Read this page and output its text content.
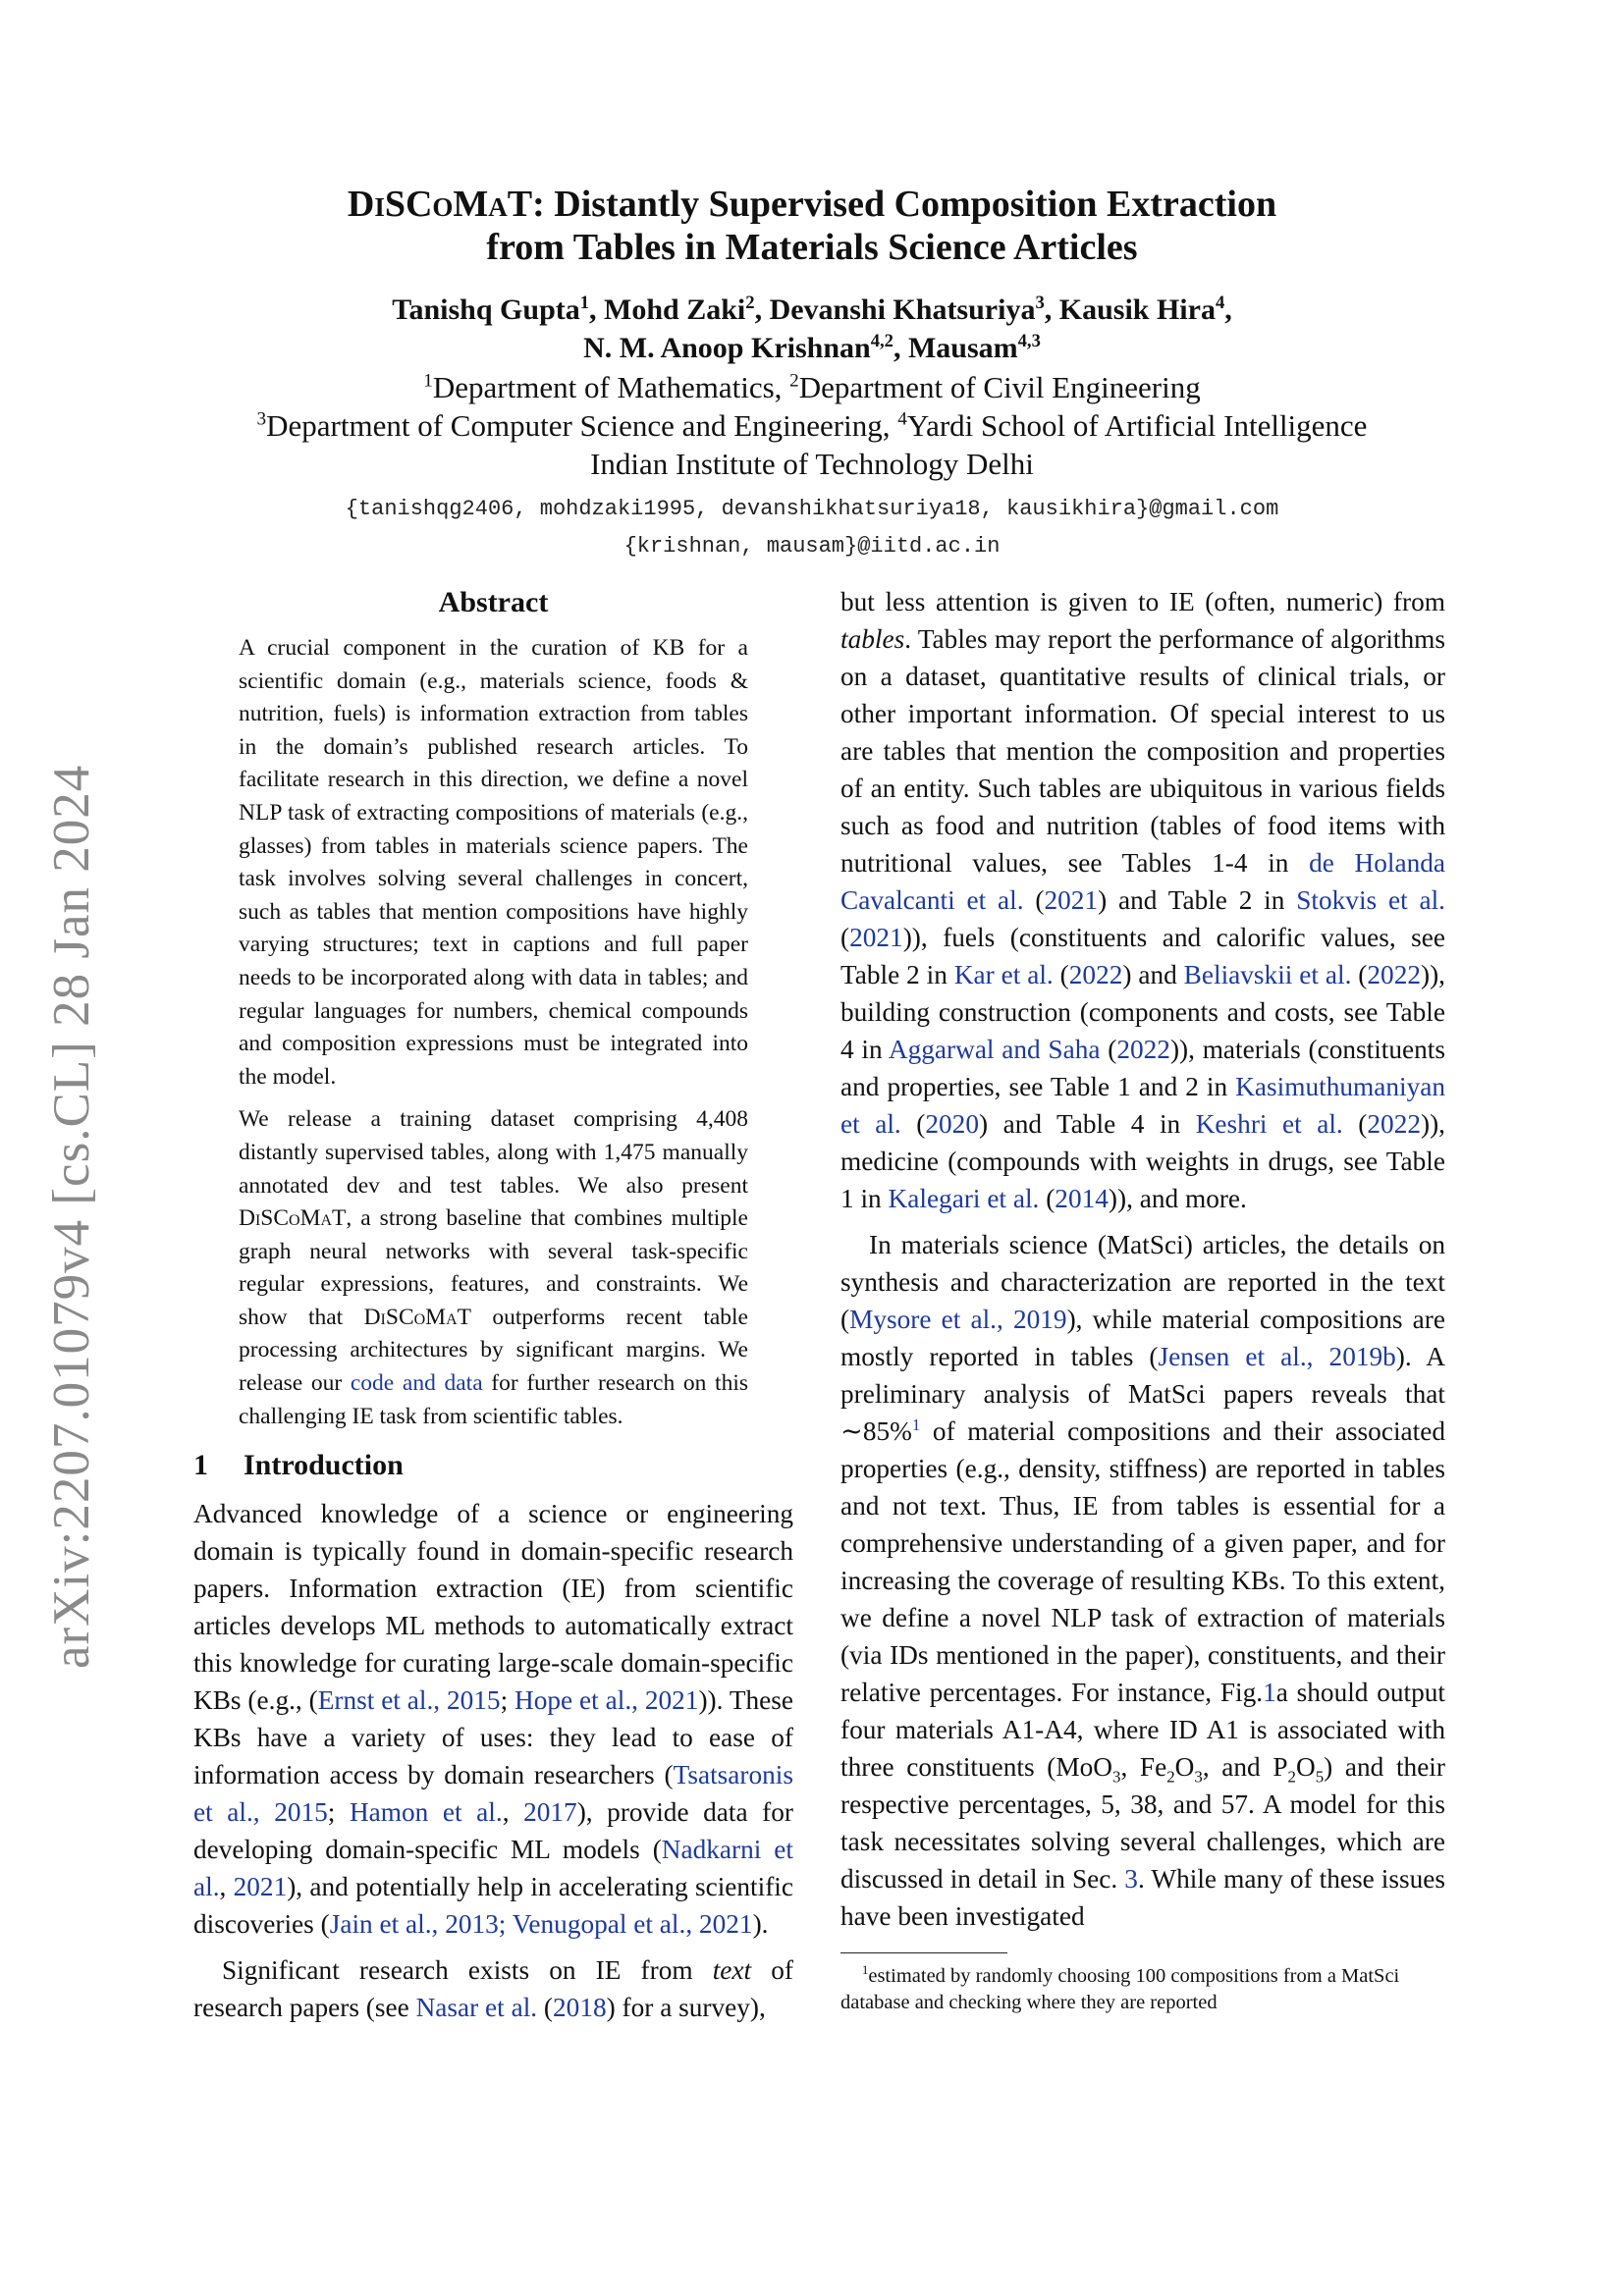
arXiv:2207.01079v4 [cs.CL] 28 Jan 2024
DiSCoMaT: Distantly Supervised Composition Extraction
from Tables in Materials Science Articles
Tanishq Gupta$^1$, Mohd Zaki$^2$, Devanshi Khatsuriya$^3$, Kausik Hira$^4$,
N. M. Anoop Krishnan$^{4,2}$, Mausam$^{4,3}$
$^1$Department of Mathematics, $^2$Department of Civil Engineering
$^3$Department of Computer Science and Engineering, $^4$Yardi School of Artificial Intelligence
Indian Institute of Technology Delhi
{tanishqg2406, mohdzaki1995, devanshikhatsuriya18, kausikhira}@gmail.com
{krishnan, mausam}@iitd.ac.in
Abstract

A crucial component in the curation of KB for a scientific domain (e.g., materials science, foods & nutrition, fuels) is information extraction from tables in the domain’s published research articles. To facilitate research in this direction, we define a novel NLP task of extracting compositions of materials (e.g., glasses) from tables in materials science papers. The task involves solving several challenges in concert, such as tables that mention compositions have highly varying structures; text in captions and full paper needs to be incorporated along with data in tables; and regular languages for numbers, chemical compounds and composition expressions must be integrated into the model.

We release a training dataset comprising 4,408 distantly supervised tables, along with 1,475 manually annotated dev and test tables. We also present DiSCoMaT, a strong baseline that combines multiple graph neural networks with several task-specific regular expressions, features, and constraints. We show that DiSCoMaT outperforms recent table processing architectures by significant margins. We release our code and data for further research on this challenging IE task from scientific tables.

1 Introduction

Advanced knowledge of a science or engineering domain is typically found in domain-specific research papers. Information extraction (IE) from scientific articles develops ML methods to automatically extract this knowledge for curating large-scale domain-specific KBs (e.g., (Ernst et al., 2015; Hope et al., 2021)). These KBs have a variety of uses: they lead to ease of information access by domain researchers (Tsatsaronis et al., 2015; Hamon et al., 2017), provide data for developing domain-specific ML models (Nadkarni et al., 2021), and potentially help in accelerating scientific discoveries (Jain et al., 2013; Venugopal et al., 2021).

Significant research exists on IE from text of research papers (see Nasar et al. (2018) for a survey),

but less attention is given to IE (often, numeric) from tables. Tables may report the performance of algorithms on a dataset, quantitative results of clinical trials, or other important information. Of special interest to us are tables that mention the composition and properties of an entity. Such tables are ubiquitous in various fields such as food and nutrition (tables of food items with nutritional values, see Tables 1-4 in de Holanda Cavalcanti et al. (2021) and Table 2 in Stokvis et al. (2021)), fuels (constituents and calorific values, see Table 2 in Kar et al. (2022) and Beliavskii et al. (2022)), building construction (components and costs, see Table 4 in Aggarwal and Saha (2022)), materials (constituents and properties, see Table 1 and 2 in Kasimuthumaniyan et al. (2020) and Table 4 in Keshri et al. (2022)), medicine (compounds with weights in drugs, see Table 1 in Kalegari et al. (2014)), and more.

In materials science (MatSci) articles, the details on synthesis and characterization are reported in the text (Mysore et al., 2019), while material compositions are mostly reported in tables (Jensen et al., 2019b). A preliminary analysis of MatSci papers reveals that ∼85%$^1$ of material compositions and their associated properties (e.g., density, stiffness) are reported in tables and not text. Thus, IE from tables is essential for a comprehensive understanding of a given paper, and for increasing the coverage of resulting KBs. To this extent, we define a novel NLP task of extraction of materials (via IDs mentioned in the paper), constituents, and their relative percentages. For instance, Fig.1a should output four materials A1-A4, where ID A1 is associated with three constituents (MoO$_3$, $Fe_2O_3$, and $P_2O_5$) and their respective percentages, 5, 38, and 57. A model for this task necessitates solving several challenges, which are discussed in detail in Sec. 3. While many of these issues have been investigated

$^1$estimated by randomly choosing 100 compositions from a MatSci database and checking where they are reported
